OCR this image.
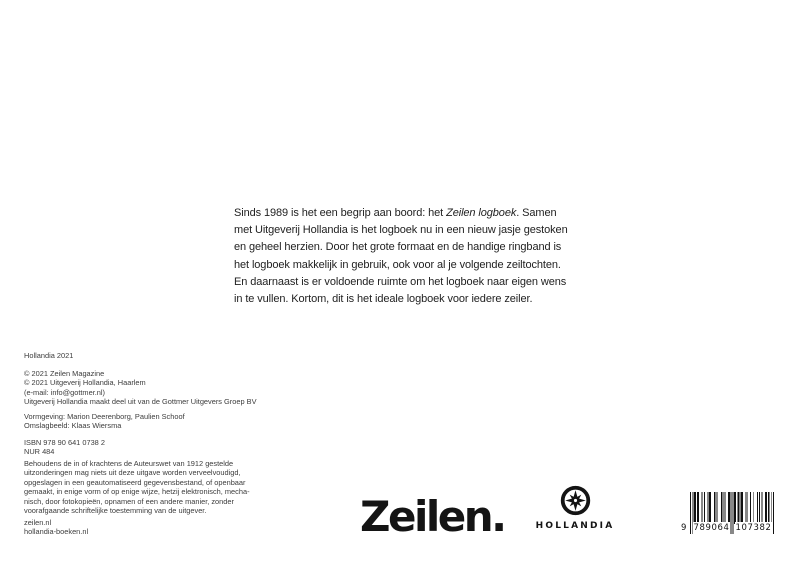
Sinds 1989 is het een begrip aan boord: het Zeilen logboek. Samen met Uitgeverij Hollandia is het logboek nu in een nieuw jasje gestoken en geheel herzien. Door het grote formaat en de handige ringband is het logboek makkelijk in gebruik, ook voor al je volgende zeiltochten. En daarnaast is er voldoende ruimte om het logboek naar eigen wens in te vullen. Kortom, dit is het ideale logboek voor iedere zeiler.

Hollandia 2021
© 2021 Zeilen Magazine
© 2021 Uitgeverij Hollandia, Haarlem
(e-mail: info@gottmer.nl)
Uitgeverij Hollandia maakt deel uit van de Gottmer Uitgevers Groep BV
Vormgeving: Marion Deerenborg, Paulien Schoof
Omslagbeeld: Klaas Wiersma
ISBN 978 90 641 0738 2
NUR 484
Behoudens de in of krachtens de Auteurswet van 1912 gestelde
uitzonderingen mag niets uit deze uitgave worden verveelvoudigd,
opgeslagen in een geautomatiseerd gegevensbestand, of openbaar
gemaakt, in enige vorm of op enige wijze, hetzij elektronisch, mecha-
nisch, door fotokopieën, opnamen of een andere manier, zonder
voorafgaande schriftelijke toestemming van de uitgever.
zeilen.nl
hollandia-boeken.nl	Zeilen.	HOLLANDIA	9 789064 107382
